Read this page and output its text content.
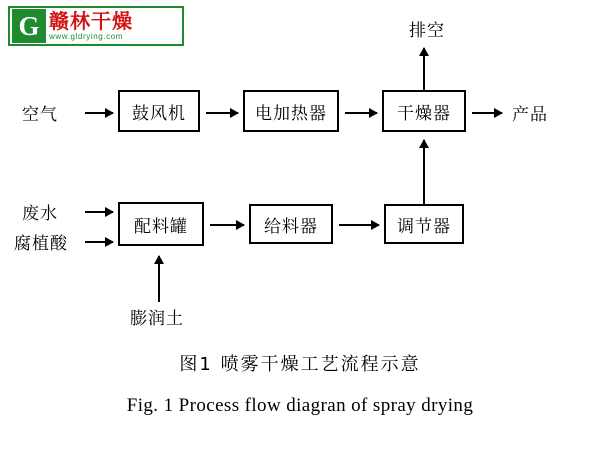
G 赣林干燥
www.gldrying.com
空气	鼓风机	电加热器	干燥器	产品
排空
废水
腐植酸
配料罐	给料器	调节器
膨润土
图1 喷雾干燥工艺流程示意
Fig. 1 Process flow diagran of spray drying
